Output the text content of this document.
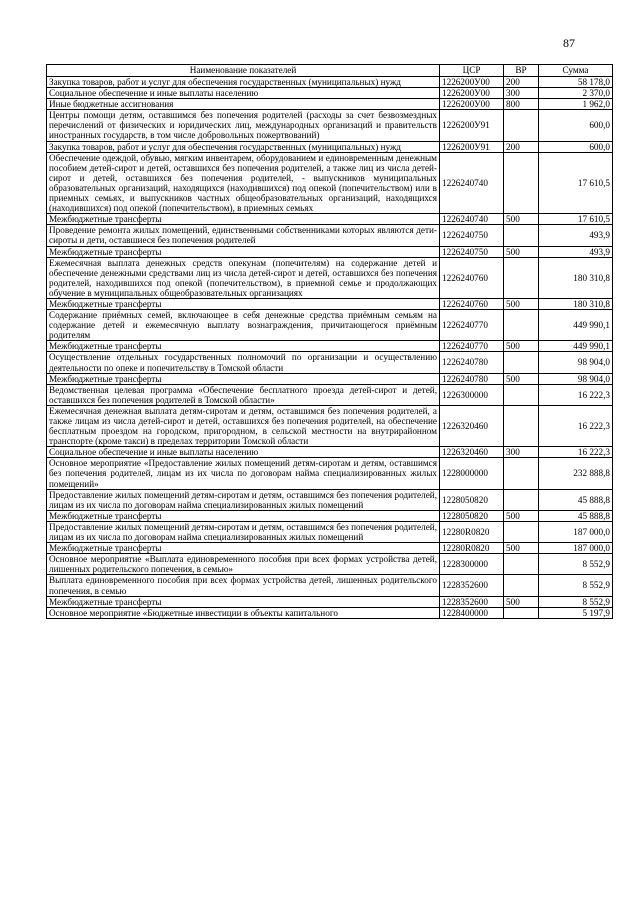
87
Наименование показателей	ЦСР	ВР	Сумма
Закупка товаров, работ и услуг для обеспечения государственных (муниципальных) нужд	1226200У00	200	58 178,0
Социальное обеспечение и иные выплаты населению	1226200У00	300	2 370,0
Иные бюджетные ассигнования	1226200У00	800	1 962,0
Центры помощи детям, оставшимся без попечения родителей (расходы за счет безвозмездных перечислений от физических и юридических лиц, международных организаций и правительств иностранных государств, в том числе добровольных пожертвований)	1226200У91		600,0
Закупка товаров, работ и услуг для обеспечения государственных (муниципальных) нужд	1226200У91	200	600,0
Обеспечение одеждой, обувью, мягким инвентарем, оборудованием и единовременным денежным пособием детей-сирот и детей, оставшихся без попечения родителей, а также лиц из числа детей-сирот и детей, оставшихся без попечения родителей, - выпускников муниципальных образовательных организаций, находящихся (находившихся) под опекой (попечительством) или в приемных семьях, и выпускников частных общеобразовательных организаций, находящихся (находившихся) под опекой (попечительством), в приемных семьях	1226240740		17 610,5
Межбюджетные трансферты	1226240740	500	17 610,5
Проведение ремонта жилых помещений, единственными собственниками которых являются дети-сироты и дети, оставшиеся без попечения родителей	1226240750		493,9
Межбюджетные трансферты	1226240750	500	493,9
Ежемесячная выплата денежных средств опекунам (попечителям) на содержание детей и обеспечение денежными средствами лиц из числа детей-сирот и детей, оставшихся без попечения родителей, находившихся под опекой (попечительством), в приемной семье и продолжающих обучение в муниципальных общеобразовательных организациях	1226240760		180 310,8
Межбюджетные трансферты	1226240760	500	180 310,8
Содержание приёмных семей, включающее в себя денежные средства приёмным семьям на содержание детей и ежемесячную выплату вознаграждения, причитающегося приёмным родителям	1226240770		449 990,1
Межбюджетные трансферты	1226240770	500	449 990,1
Осуществление отдельных государственных полномочий по организации и осуществлению деятельности по опеке и попечительству в Томской области	1226240780		98 904,0
Межбюджетные трансферты	1226240780	500	98 904,0
Ведомственная целевая программа «Обеспечение бесплатного проезда детей-сирот и детей, оставшихся без попечения родителей в Томской области»	1226300000		16 222,3
Ежемесячная денежная выплата детям-сиротам и детям, оставшимся без попечения родителей, а также лицам из числа детей-сирот и детей, оставшихся без попечения родителей, на обеспечение бесплатным проездом на городском, пригородном, в сельской местности на внутрирайонном транспорте (кроме такси) в пределах территории Томской области	1226320460		16 222,3
Социальное обеспечение и иные выплаты населению	1226320460	300	16 222,3
Основное мероприятие «Предоставление жилых помещений детям-сиротам и детям, оставшимся без попечения родителей, лицам из их числа по договорам найма специализированных жилых помещений»	1228000000		232 888,8
Предоставление жилых помещений детям-сиротам и детям, оставшимся без попечения родителей, лицам из их числа по договорам найма специализированных жилых помещений	1228050820		45 888,8
Межбюджетные трансферты	1228050820	500	45 888,8
Предоставление жилых помещений детям-сиротам и детям, оставшимся без попечения родителей, лицам из их числа по договорам найма специализированных жилых помещений	12280R0820		187 000,0
Межбюджетные трансферты	12280R0820	500	187 000,0
Основное мероприятие «Выплата единовременного пособия при всех формах устройства детей, лишенных родительского попечения, в семью»	1228300000		8 552,9
Выплата единовременного пособия при всех формах устройства детей, лишенных родительского попечения, в семью	1228352600		8 552,9
Межбюджетные трансферты	1228352600	500	8 552,9
Основное мероприятие «Бюджетные инвестиции в объекты капитального	1228400000		5 197,9
